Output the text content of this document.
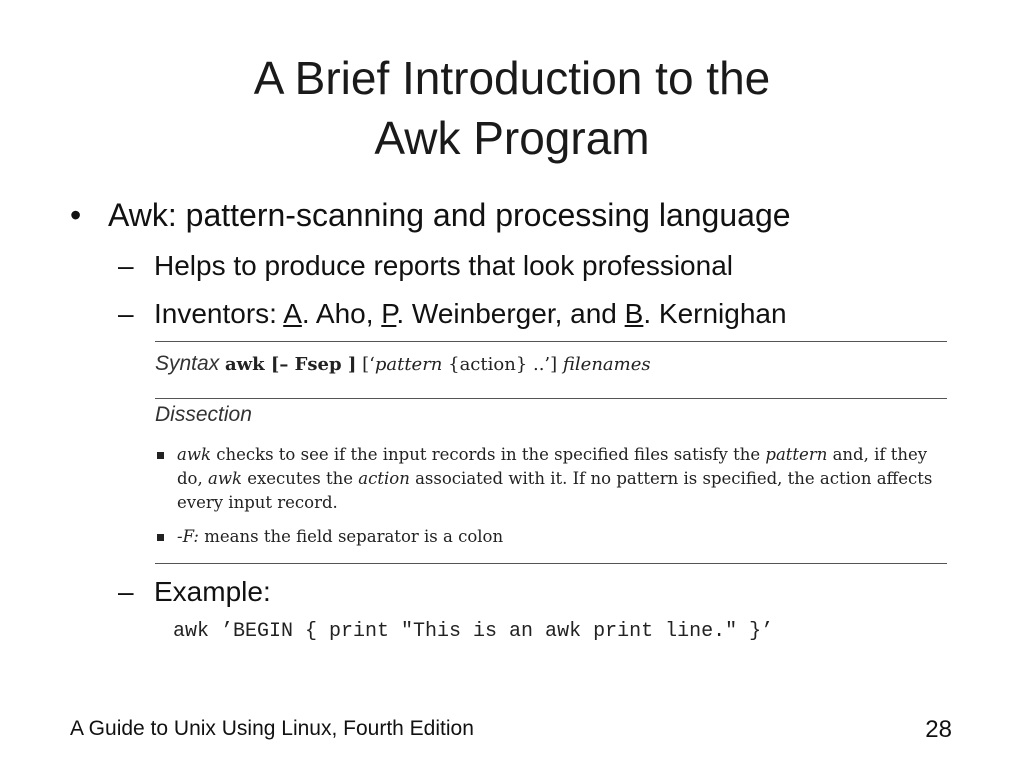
A Brief Introduction to the
Awk Program
• Awk: pattern-scanning and processing language
– Helps to produce reports that look professional
– Inventors: A. Aho, P. Weinberger, and B. Kernighan
Syntax awk [– Fsep ] [‘pattern {action} ..’] filenames
Dissection
awk checks to see if the input records in the specified files satisfy the pattern and, if they do, awk executes the action associated with it. If no pattern is specified, the action affects every input record.
-F: means the field separator is a colon
– Example:
awk ’BEGIN { print "This is an awk print line." }’
A Guide to Unix Using Linux, Fourth Edition	28
